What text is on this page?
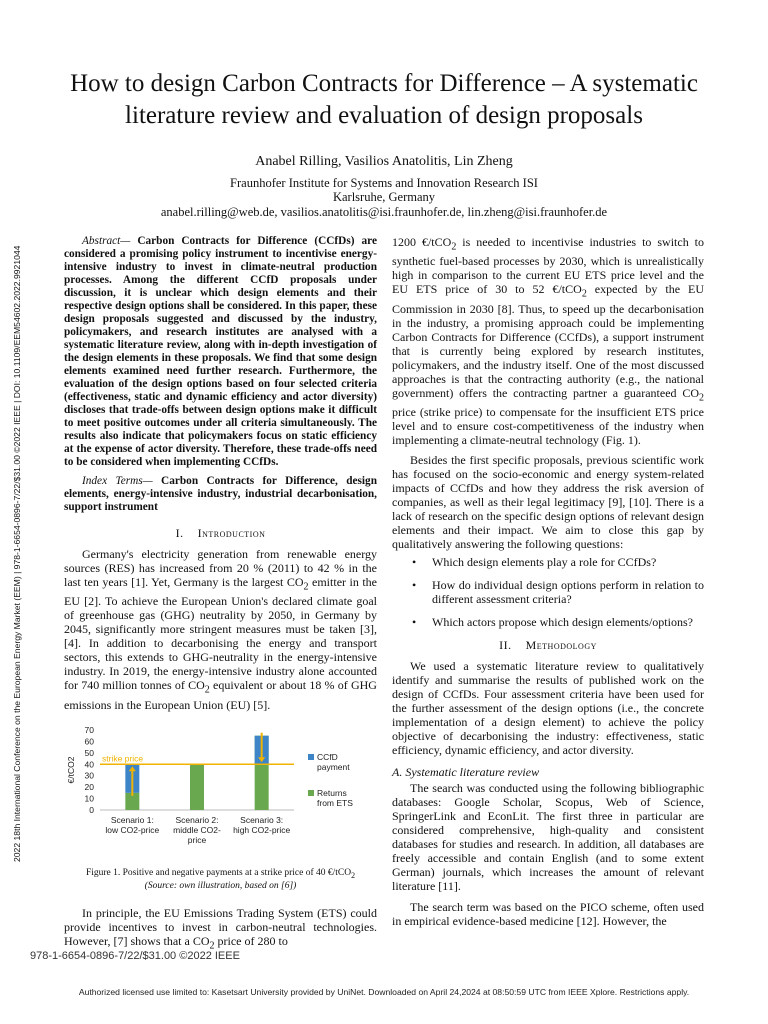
How to design Carbon Contracts for Difference – A systematic literature review and evaluation of design proposals
Anabel Rilling, Vasilios Anatolitis, Lin Zheng
Fraunhofer Institute for Systems and Innovation Research ISI
Karlsruhe, Germany
anabel.rilling@web.de, vasilios.anatolitis@isi.fraunhofer.de, lin.zheng@isi.fraunhofer.de
2022 18th International Conference on the European Energy Market (EEM) | 978-1-6654-0896-7/22/$31.00 ©2022 IEEE | DOI: 10.1109/EEM54602.2022.9921044

Abstract— Carbon Contracts for Difference (CCfDs) are considered a promising policy instrument to incentivise energy-intensive industry to invest in climate-neutral production processes. Among the different CCfD proposals under discussion, it is unclear which design elements and their respective design options shall be considered. In this paper, these design proposals suggested and discussed by the industry, policymakers, and research institutes are analysed with a systematic literature review, along with in-depth investigation of the design elements in these proposals. We find that some design elements examined need further research. Furthermore, the evaluation of the design options based on four selected criteria (effectiveness, static and dynamic efficiency and actor diversity) discloses that trade-offs between design options make it difficult to meet positive outcomes under all criteria simultaneously. The results also indicate that policymakers focus on static efficiency at the expense of actor diversity. Therefore, these trade-offs need to be considered when implementing CCfDs.

Index Terms— Carbon Contracts for Difference, design elements, energy-intensive industry, industrial decarbonisation, support instrument

I. Introduction

Germany's electricity generation from renewable energy sources (RES) has increased from 20 % (2011) to 42 % in the last ten years [1]. Yet, Germany is the largest $CO_2$ emitter in the EU [2]. To achieve the European Union's declared climate goal of greenhouse gas (GHG) neutrality by 2050, in Germany by 2045, significantly more stringent measures must be taken [3], [4]. In addition to decarbonising the energy and transport sectors, this extends to GHG-neutrality in the energy-intensive industry. In 2019, the energy-intensive industry alone accounted for 740 million tonnes of $CO_2$ equivalent or about 18 % of GHG emissions in the European Union (EU) [5].

0
10
20
30
40
50
60
70
€/tCO2
Scenario 1:
low CO2-price
Scenario 2:
middle CO2-
price
Scenario 3:
high CO2-price
strike price	CCfD
payment
Returns
from ETS

Figure 1. Positive and negative payments at a strike price of 40 €/tCO$_2$
(Source: own illustration, based on [6])

In principle, the EU Emissions Trading System (ETS) could provide incentives to invest in carbon-neutral technologies. However, [7] shows that a $CO_2$ price of 280 to

1200 €/tCO$_2$ is needed to incentivise industries to switch to synthetic fuel-based processes by 2030, which is unrealistically high in comparison to the current EU ETS price level and the EU ETS price of 30 to 52 €/tCO$_2$ expected by the EU Commission in 2030 [8]. Thus, to speed up the decarbonisation in the industry, a promising approach could be implementing Carbon Contracts for Difference (CCfDs), a support instrument that is currently being explored by research institutes, policymakers, and the industry itself. One of the most discussed approaches is that the contracting authority (e.g., the national government) offers the contracting partner a guaranteed $CO_2$ price (strike price) to compensate for the insufficient ETS price level and to ensure cost-competitiveness of the industry when implementing a climate-neutral technology (Fig. 1).

Besides the first specific proposals, previous scientific work has focused on the socio-economic and energy system-related impacts of CCfDs and how they address the risk aversion of companies, as well as their legal legitimacy [9], [10]. There is a lack of research on the specific design options of relevant design elements and their impact. We aim to close this gap by qualitatively answering the following questions:

• Which design elements play a role for CCfDs?
• How do individual design options perform in relation to different assessment criteria?
• Which actors propose which design elements/options?

II. Methodology

We used a systematic literature review to qualitatively identify and summarise the results of published work on the design of CCfDs. Four assessment criteria have been used for the further assessment of the design options (i.e., the concrete implementation of a design element) to achieve the policy objective of decarbonising the industry: effectiveness, static efficiency, dynamic efficiency, and actor diversity.

A. Systematic literature review

The search was conducted using the following bibliographic databases: Google Scholar, Scopus, Web of Science, SpringerLink and EconLit. The first three in particular are considered comprehensive, high-quality and consistent databases for studies and research. In addition, all databases are freely accessible and contain English (and to some extent German) journals, which increases the amount of relevant literature [11].

The search term was based on the PICO scheme, often used in empirical evidence-based medicine [12]. However, the

978-1-6654-0896-7/22/$31.00 ©2022 IEEE
Authorized licensed use limited to: Kasetsart University provided by UniNet. Downloaded on April 24,2024 at 08:50:59 UTC from IEEE Xplore. Restrictions apply.
